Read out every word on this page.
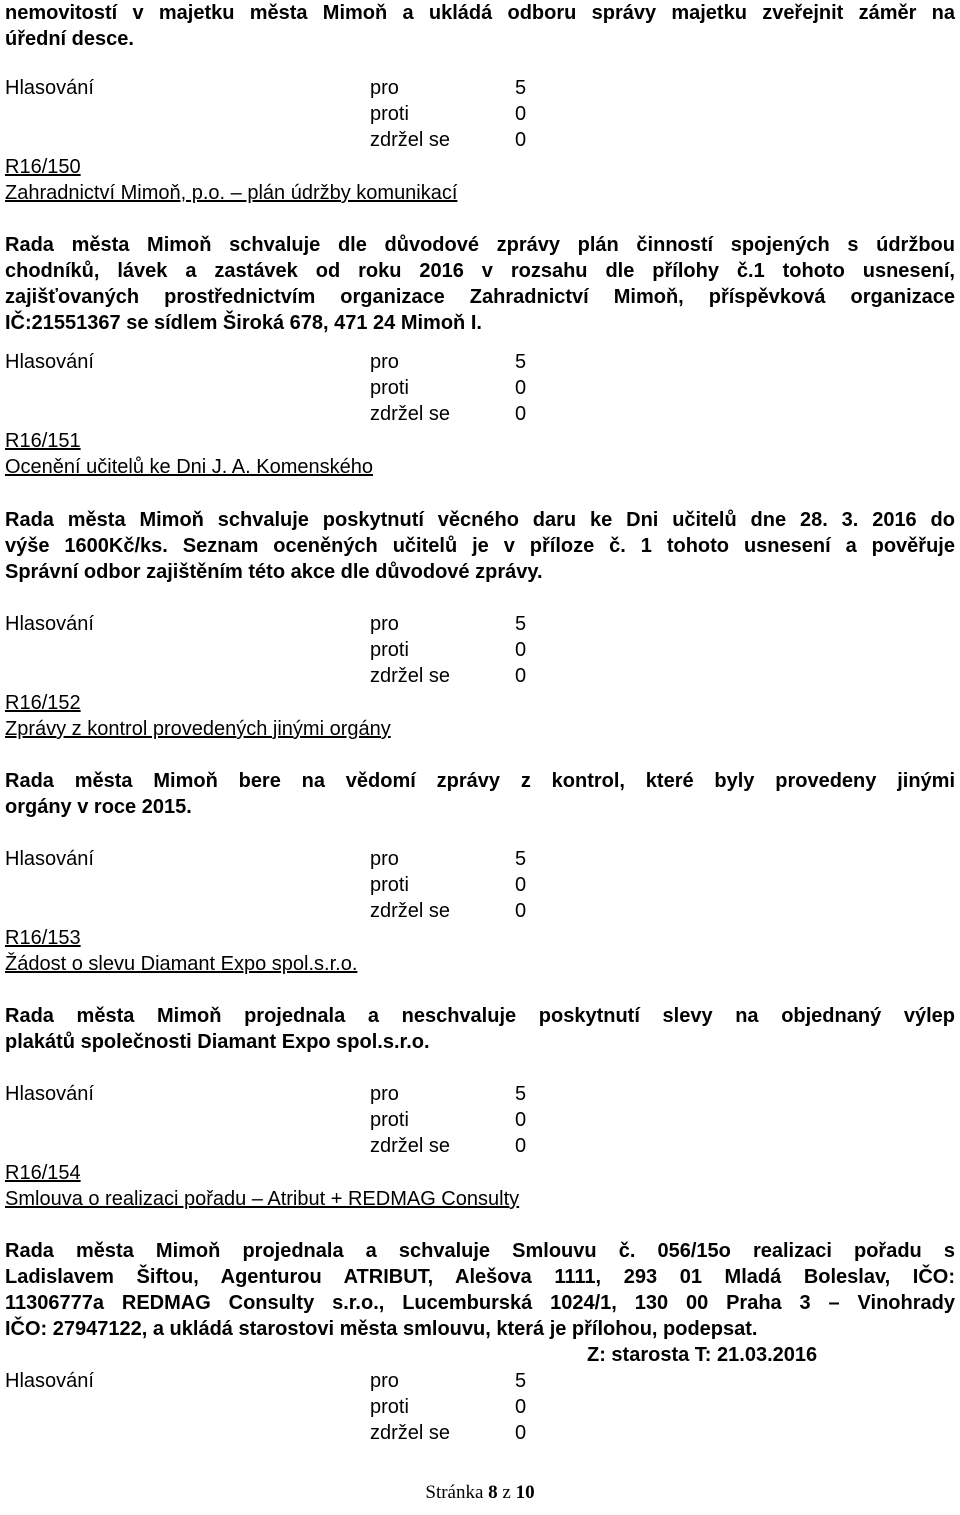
nemovitostí v majetku města Mimoň a ukládá odboru správy majetku zveřejnit záměr na
úřední desce.
Hlasování	pro	5
proti	0
zdržel se	0
R16/150
Zahradnictví Mimoň, p.o. – plán údržby komunikací
Rada města Mimoň schvaluje dle důvodové zprávy plán činností spojených s údržbou
chodníků, lávek a zastávek od roku 2016 v rozsahu dle přílohy č.1 tohoto usnesení,
zajišťovaných prostřednictvím organizace Zahradnictví Mimoň, příspěvková organizace
IČ:21551367 se sídlem Široká 678, 471 24 Mimoň I.
Hlasování	pro	5
proti	0
zdržel se	0
R16/151
Ocenění učitelů ke Dni J. A. Komenského
Rada města Mimoň schvaluje poskytnutí věcného daru ke Dni učitelů dne 28. 3. 2016 do
výše 1600Kč/ks. Seznam oceněných učitelů je v příloze č. 1 tohoto usnesení a pověřuje
Správní odbor zajištěním této akce dle důvodové zprávy.
Hlasování	pro	5
proti	0
zdržel se	0
R16/152
Zprávy z kontrol provedených jinými orgány
Rada města Mimoň bere na vědomí zprávy z kontrol, které byly provedeny jinými
orgány v roce 2015.
Hlasování	pro	5
proti	0
zdržel se	0
R16/153
Žádost o slevu Diamant Expo spol.s.r.o.
Rada města Mimoň projednala a neschvaluje poskytnutí slevy na objednaný výlep
plakátů společnosti Diamant Expo spol.s.r.o.
Hlasování	pro	5
proti	0
zdržel se	0
R16/154
Smlouva o realizaci pořadu – Atribut + REDMAG Consulty
Rada města Mimoň projednala a schvaluje Smlouvu č. 056/15o realizaci pořadu s
Ladislavem Šiftou, Agenturou ATRIBUT, Alešova 1111, 293 01 Mladá Boleslav, IČO:
11306777a REDMAG Consulty s.r.o., Lucemburská 1024/1, 130 00 Praha 3 – Vinohrady
IČO: 27947122, a ukládá starostovi města smlouvu, která je přílohou, podepsat.
Z: starosta T: 21.03.2016
Hlasování	pro	5
proti	0
zdržel se	0
Stránka 8 z 10
